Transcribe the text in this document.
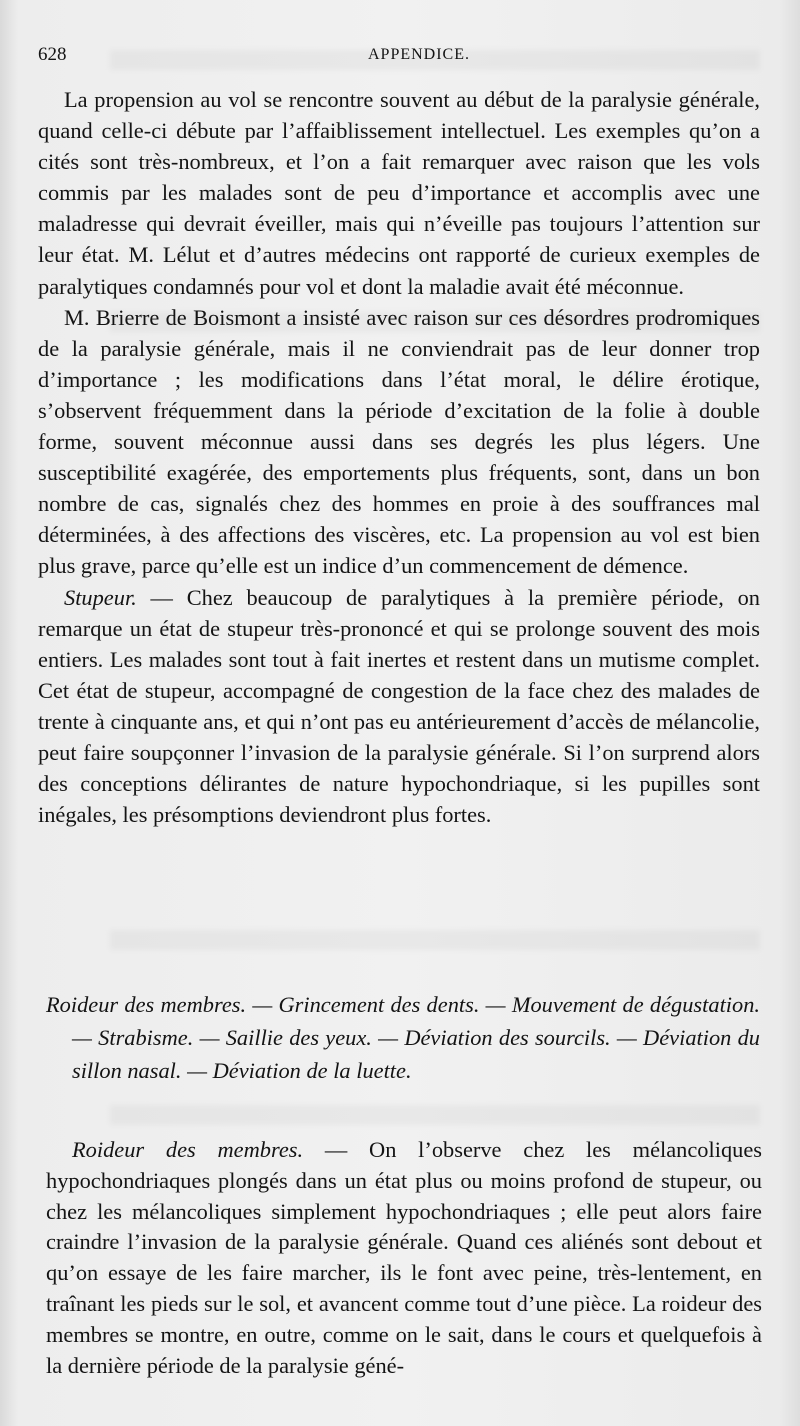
628	APPENDICE.

La propension au vol se rencontre souvent au début de la paralysie générale, quand celle-ci débute par l’affaiblissement intellectuel. Les exemples qu’on a cités sont très-nombreux, et l’on a fait remarquer avec raison que les vols commis par les malades sont de peu d’importance et accomplis avec une maladresse qui devrait éveiller, mais qui n’éveille pas toujours l’attention sur leur état. M. Lélut et d’autres médecins ont rapporté de curieux exemples de paralytiques condamnés pour vol et dont la maladie avait été méconnue.

M. Brierre de Boismont a insisté avec raison sur ces désordres prodromiques de la paralysie générale, mais il ne conviendrait pas de leur donner trop d’importance ; les modifications dans l’état moral, le délire érotique, s’observent fréquemment dans la période d’excitation de la folie à double forme, souvent méconnue aussi dans ses degrés les plus légers. Une susceptibilité exagérée, des emportements plus fréquents, sont, dans un bon nombre de cas, signalés chez des hommes en proie à des souffrances mal déterminées, à des affections des viscères, etc. La propension au vol est bien plus grave, parce qu’elle est un indice d’un commencement de démence.

Stupeur. — Chez beaucoup de paralytiques à la première période, on remarque un état de stupeur très-prononcé et qui se prolonge souvent des mois entiers. Les malades sont tout à fait inertes et restent dans un mutisme complet. Cet état de stupeur, accompagné de congestion de la face chez des malades de trente à cinquante ans, et qui n’ont pas eu antérieurement d’accès de mélancolie, peut faire soupçonner l’invasion de la paralysie générale. Si l’on surprend alors des conceptions délirantes de nature hypochondriaque, si les pupilles sont inégales, les présomptions deviendront plus fortes.

Roideur des membres. — Grincement des dents. — Mouvement de dégustation. — Strabisme. — Saillie des yeux. — Déviation des sourcils. — Déviation du sillon nasal. — Déviation de la luette.

Roideur des membres. — On l’observe chez les mélancoliques hypochondriaques plongés dans un état plus ou moins profond de stupeur, ou chez les mélancoliques simplement hypochondriaques ; elle peut alors faire craindre l’invasion de la paralysie générale. Quand ces aliénés sont debout et qu’on essaye de les faire marcher, ils le font avec peine, très-lentement, en traînant les pieds sur le sol, et avancent comme tout d’une pièce. La roideur des membres se montre, en outre, comme on le sait, dans le cours et quelquefois à la dernière période de la paralysie géné-
